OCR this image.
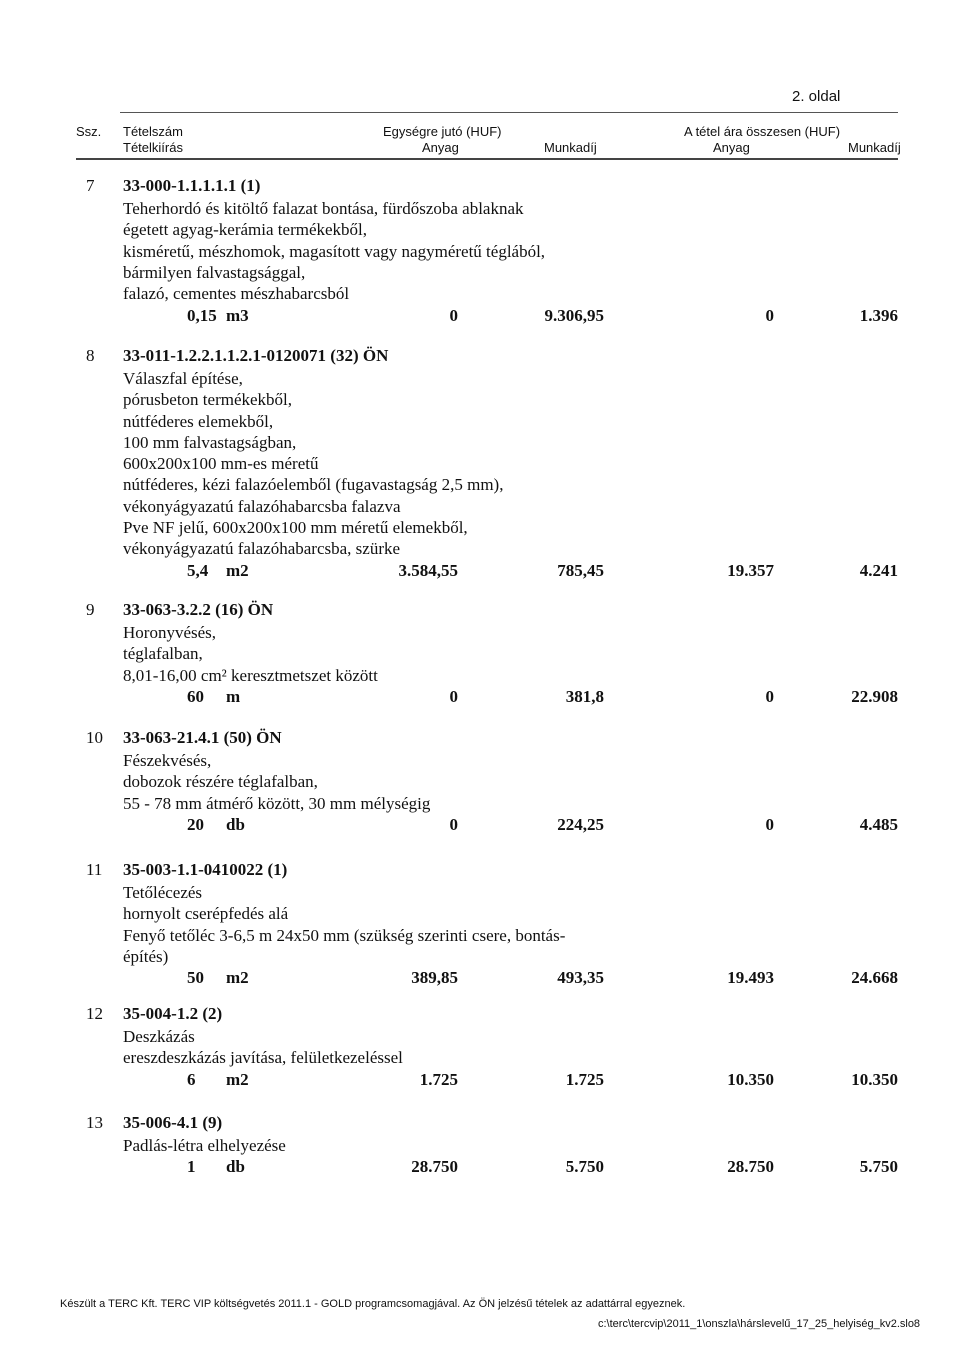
2. oldal
Ssz. Tételszám
Tételkiírás
Egységre jutó (HUF)	A tétel ára összesen (HUF)
Anyag	Munkadíj	Anyag	Munkadíj
7 33-000-1.1.1.1.1 (1)
Teherhordó és kitöltő falazat bontása, fürdőszoba ablaknak
égetett agyag-kerámia termékekből,
kisméretű, mészhomok, magasított vagy nagyméretű téglából,
bármilyen falvastagsággal,
falazó, cementes mészhabarcsból
0,15 m3	0	9.306,95	0	1.396
8 33-011-1.2.2.1.1.2.1-0120071 (32) ÖN
Válaszfal építése,
pórusbeton termékekből,
nútféderes elemekből,
100 mm falvastagságban,
600x200x100 mm-es méretű
nútféderes, kézi falazóelemből (fugavastagság 2,5 mm),
vékonyágyazatú falazóhabarcsba falazva
Pve NF jelű, 600x200x100 mm méretű elemekből,
vékonyágyazatú falazóhabarcsba, szürke
5,4 m2	3.584,55	785,45	19.357	4.241
9 33-063-3.2.2 (16) ÖN
Horonyvésés,
téglafalban,
8,01-16,00 cm² keresztmetszet között
60 m	0	381,8	0	22.908
10 33-063-21.4.1 (50) ÖN
Fészekvésés,
dobozok részére téglafalban,
55 - 78 mm átmérő között, 30 mm mélységig
20 db	0	224,25	0	4.485
11 35-003-1.1-0410022 (1)
Tetőlécezés
hornyolt cserépfedés alá
Fenyő tetőléc 3-6,5 m 24x50 mm (szükség szerinti csere, bontás-
építés)
50 m2	389,85	493,35	19.493	24.668
12 35-004-1.2 (2)
Deszkázás
ereszdeszkázás javítása, felületkezeléssel
6 m2	1.725	1.725	10.350	10.350
13 35-006-4.1 (9)
Padlás-létra elhelyezése
1 db	28.750	5.750	28.750	5.750
Készült a TERC Kft. TERC VIP költségvetés 2011.1 - GOLD programcsomagjával. Az ÖN jelzésű tételek az adattárral egyeznek.
c:\terc\tercvip\2011_1\onszla\hárslevelű_17_25_helyiség_kv2.slo8
